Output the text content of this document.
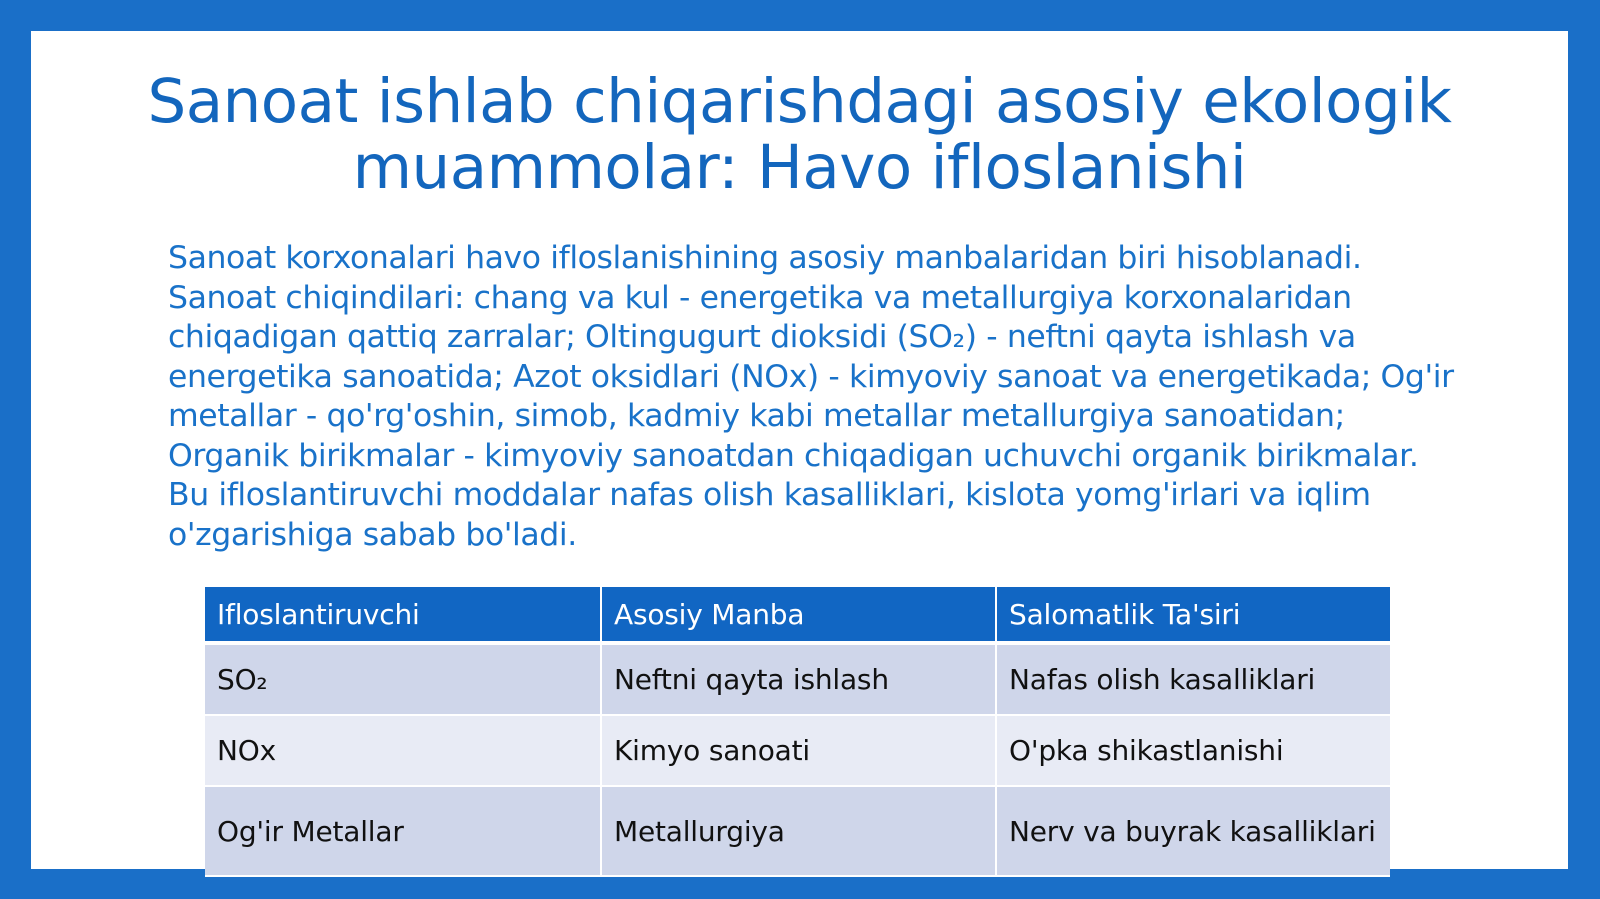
Sanoat ishlab chiqarishdagi asosiy ekologik muammolar: Havo ifloslanishi

Sanoat korxonalari havo ifloslanishining asosiy manbalaridan biri hisoblanadi. Sanoat chiqindilari: chang va kul - energetika va metallurgiya korxonalaridan chiqadigan qattiq zarralar; Oltingugurt dioksidi (SO₂) - neftni qayta ishlash va energetika sanoatida; Azot oksidlari (NOx) - kimyoviy sanoat va energetikada; Og'ir metallar - qo'rg'oshin, simob, kadmiy kabi metallar metallurgiya sanoatidan; Organik birikmalar - kimyoviy sanoatdan chiqadigan uchuvchi organik birikmalar. Bu ifloslantiruvchi moddalar nafas olish kasalliklari, kislota yomg'irlari va iqlim o'zgarishiga sabab bo'ladi.

Ifloslantiruvchi	Asosiy Manba	Salomatlik Ta'siri
SO₂	Neftni qayta ishlash	Nafas olish kasalliklari
NOx	Kimyo sanoati	O'pka shikastlanishi
Og'ir Metallar	Metallurgiya	Nerv va buyrak kasalliklari
